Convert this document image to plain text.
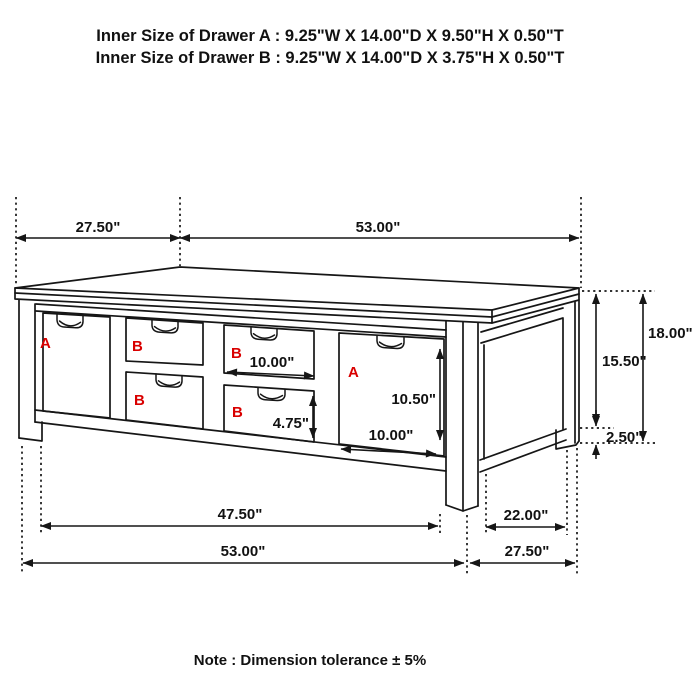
Inner Size of Drawer A : 9.25"W X 14.00"D X 9.50"H X 0.50"T
Inner Size of Drawer B : 9.25"W X 14.00"D X 3.75"H X 0.50"T
A	B
B
B
B
A
27.50"	53.00"
15.50"
18.00"
2.50"
10.00"
4.75"
10.50"
10.00"
47.50"	22.00"
53.00"	27.50"
Note : Dimension tolerance ± 5%
